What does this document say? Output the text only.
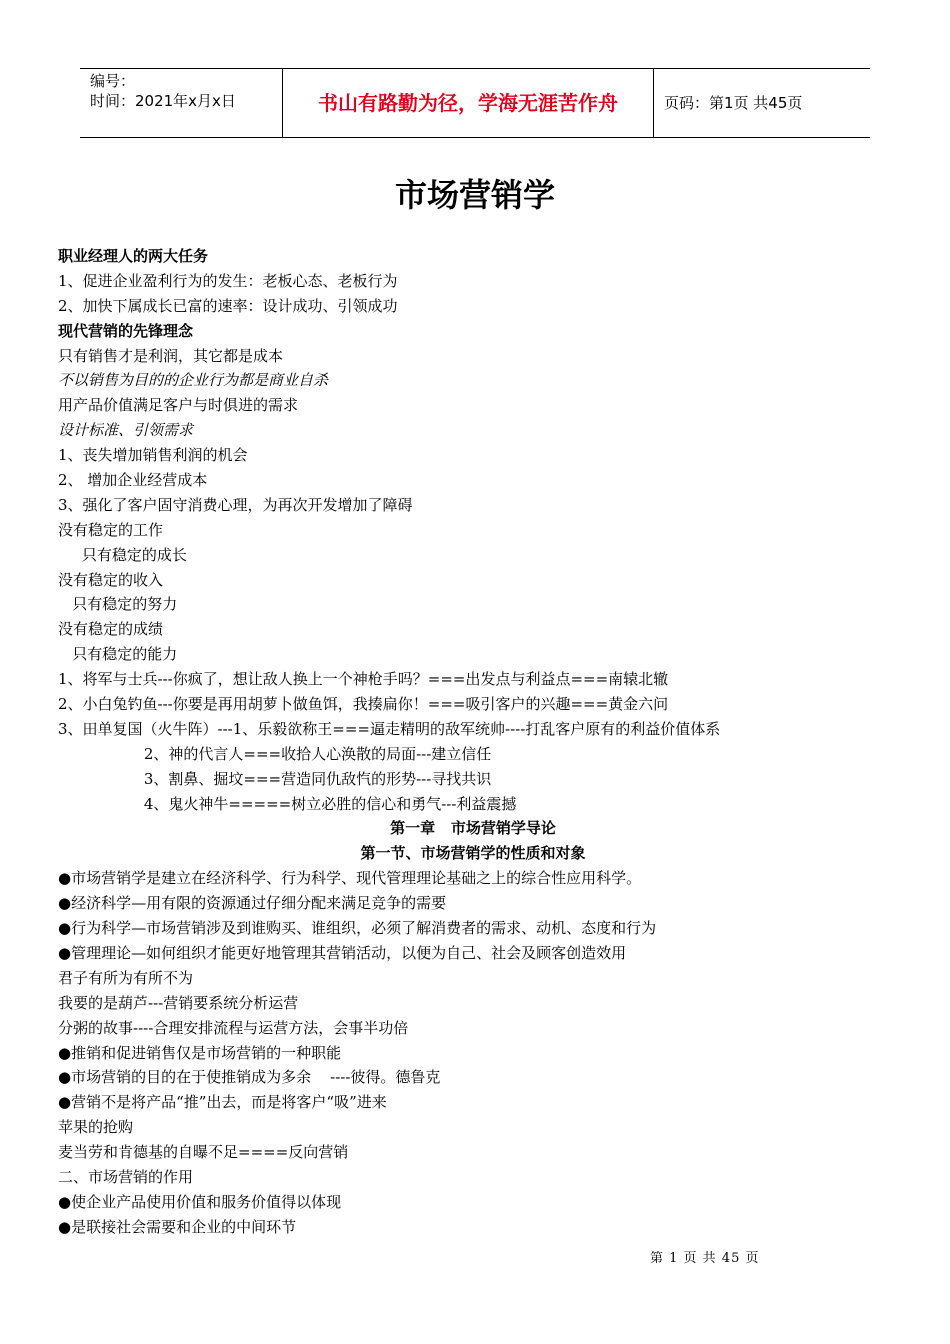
编号：
时间：2021年x月x日	书山有路勤为径，学海无涯苦作舟	页码：第1页 共45页
市场营销学
职业经理人的两大任务
1、促进企业盈利行为的发生：老板心态、老板行为
2、加快下属成长已富的速率：设计成功、引领成功
现代营销的先锋理念
只有销售才是利润，其它都是成本
不以销售为目的的企业行为都是商业自杀
用产品价值满足客户与时俱进的需求
设计标准、引领需求
1、丧失增加销售利润的机会
2、 增加企业经营成本
3、强化了客户固守消费心理，为再次开发增加了障碍
没有稳定的工作
只有稳定的成长
没有稳定的收入
只有稳定的努力
没有稳定的成绩
只有稳定的能力
1、将军与士兵---你疯了，想让敌人换上一个神枪手吗？===出发点与利益点===南辕北辙
2、小白兔钓鱼---你要是再用胡萝卜做鱼饵，我揍扁你！===吸引客户的兴趣===黄金六问
3、田单复国（火牛阵）---1、乐毅欲称王===逼走精明的敌军统帅----打乱客户原有的利益价值体系
2、神的代言人===收拾人心涣散的局面---建立信任
3、割鼻、掘坟===营造同仇敌忾的形势---寻找共识
4、鬼火神牛=====树立必胜的信心和勇气---利益震撼
第一章   市场营销学导论
第一节、市场营销学的性质和对象
●市场营销学是建立在经济科学、行为科学、现代管理理论基础之上的综合性应用科学。
●经济科学—用有限的资源通过仔细分配来满足竞争的需要
●行为科学—市场营销涉及到谁购买、谁组织，必须了解消费者的需求、动机、态度和行为
●管理理论—如何组织才能更好地管理其营销活动，以便为自己、社会及顾客创造效用
君子有所为有所不为
我要的是葫芦---营销要系统分析运营
分粥的故事----合理安排流程与运营方法，会事半功倍
●推销和促进销售仅是市场营销的一种职能
●市场营销的目的在于使推销成为多余    ----彼得。德鲁克
●营销不是将产品“推”出去，而是将客户“吸”进来
苹果的抢购
麦当劳和肯德基的自曝不足====反向营销
二、市场营销的作用
●使企业产品使用价值和服务价值得以体现
●是联接社会需要和企业的中间环节
第 1 页 共 45 页
